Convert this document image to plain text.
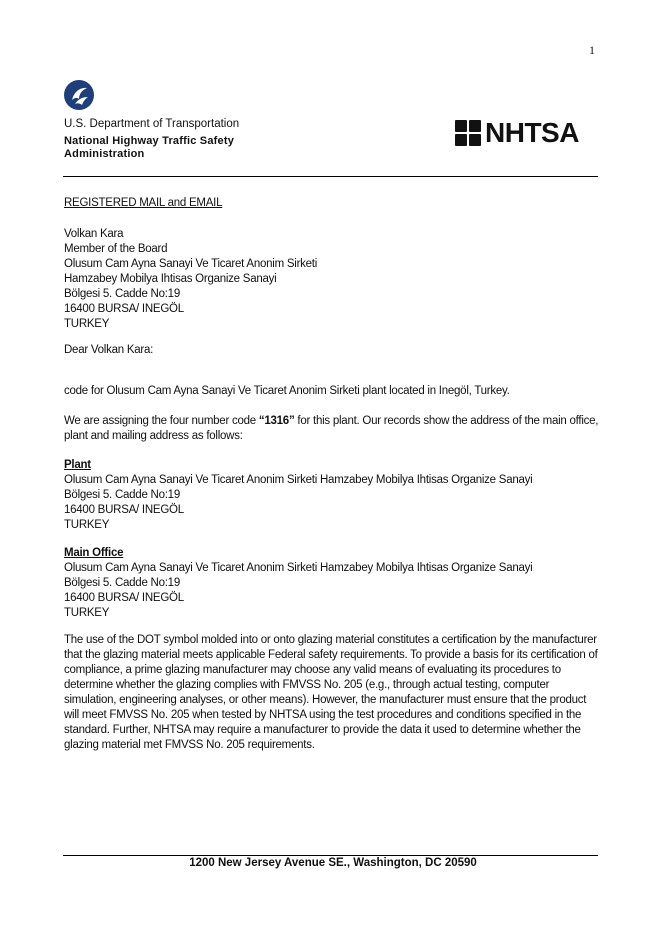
1
U.S. Department of Transportation
National Highway Traffic Safety
Administration
NHTSA
REGISTERED MAIL and EMAIL
Volkan Kara
Member of the Board
Olusum Cam Ayna Sanayi Ve Ticaret Anonim Sirketi
Hamzabey Mobilya Ihtisas Organize Sanayi
Bölgesi 5. Cadde No:19
16400 BURSA/ INEGÖL
TURKEY
Dear Volkan Kara:
code for Olusum Cam Ayna Sanayi Ve Ticaret Anonim Sirketi plant located in Inegöl, Turkey.
We are assigning the four number code “1316” for this plant. Our records show the address of the main office, plant and mailing address as follows:
Plant
Olusum Cam Ayna Sanayi Ve Ticaret Anonim Sirketi Hamzabey Mobilya Ihtisas Organize Sanayi
Bölgesi 5. Cadde No:19
16400 BURSA/ INEGÖL
TURKEY
Main Office
Olusum Cam Ayna Sanayi Ve Ticaret Anonim Sirketi Hamzabey Mobilya Ihtisas Organize Sanayi
Bölgesi 5. Cadde No:19
16400 BURSA/ INEGÖL
TURKEY
The use of the DOT symbol molded into or onto glazing material constitutes a certification by the manufacturer that the glazing material meets applicable Federal safety requirements. To provide a basis for its certification of compliance, a prime glazing manufacturer may choose any valid means of evaluating its procedures to determine whether the glazing complies with FMVSS No. 205 (e.g., through actual testing, computer simulation, engineering analyses, or other means). However, the manufacturer must ensure that the product will meet FMVSS No. 205 when tested by NHTSA using the test procedures and conditions specified in the standard. Further, NHTSA may require a manufacturer to provide the data it used to determine whether the glazing material met FMVSS No. 205 requirements.
1200 New Jersey Avenue SE., Washington, DC 20590
